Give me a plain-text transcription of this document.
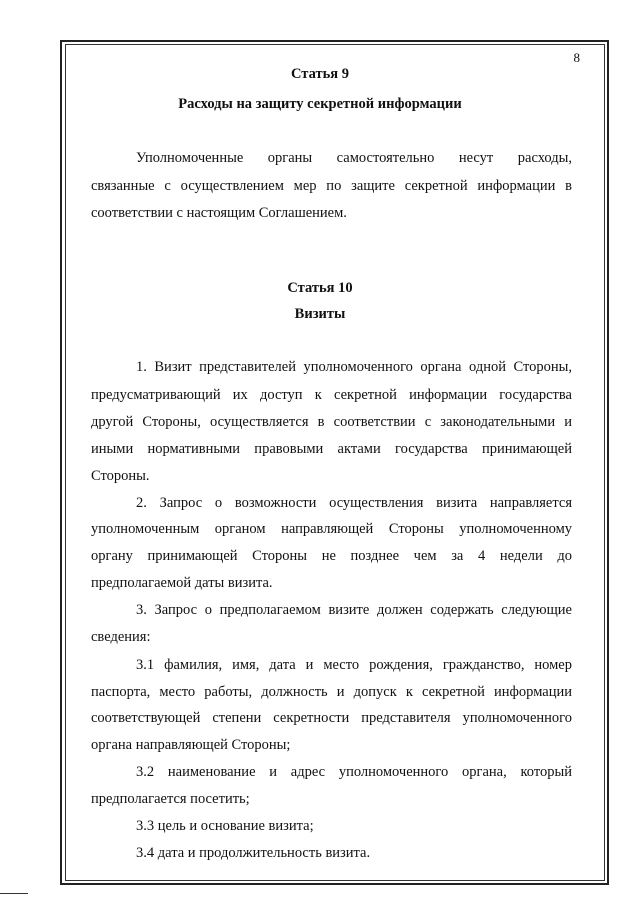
8
Статья 9
Расходы на защиту секретной информации

Уполномоченные органы самостоятельно несут расходы,

связанные с осуществлением мер по защите секретной информации в

соответствии с настоящим Соглашением.

Статья 10
Визиты

1. Визит представителей уполномоченного органа одной Стороны,

предусматривающий их доступ к секретной информации государства

другой Стороны, осуществляется в соответствии с законодательными и

иными нормативными правовыми актами государства принимающей

Стороны.

2. Запрос о возможности осуществления визита направляется

уполномоченным органом направляющей Стороны уполномоченному

органу принимающей Стороны не позднее чем за 4 недели до

предполагаемой даты визита.

3. Запрос о предполагаемом визите должен содержать следующие

сведения:

3.1 фамилия, имя, дата и место рождения, гражданство, номер

паспорта, место работы, должность и допуск к секретной информации

соответствующей степени секретности представителя уполномоченного

органа направляющей Стороны;

3.2 наименование и адрес уполномоченного органа, который

предполагается посетить;

3.3 цель и основание визита;

3.4 дата и продолжительность визита.
